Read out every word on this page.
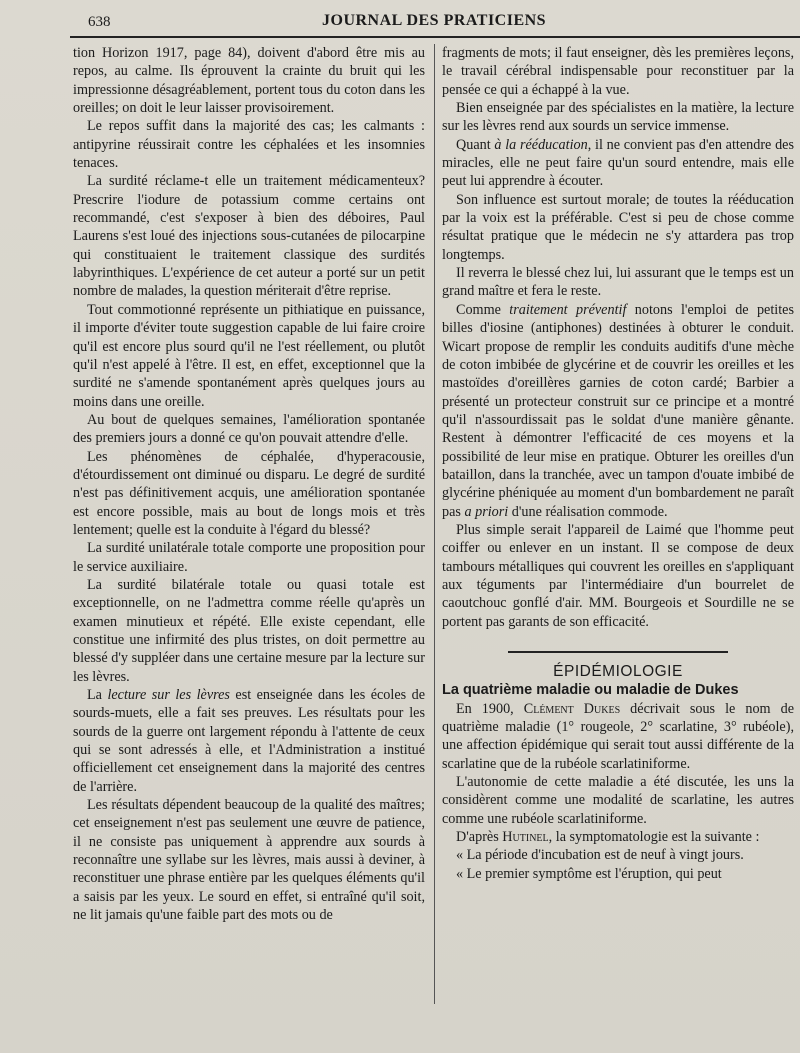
638	JOURNAL DES PRATICIENS

tion Horizon 1917, page 84), doivent d'abord être mis au repos, au calme. Ils éprouvent la crainte du bruit qui les impressionne désagréablement, portent tous du coton dans les oreilles; on doit le leur laisser provisoirement.

Le repos suffit dans la majorité des cas; les calmants : antipyrine réussirait contre les céphalées et les insomnies tenaces.

La surdité réclame-t elle un traitement médicamenteux? Prescrire l'iodure de potassium comme certains ont recommandé, c'est s'exposer à bien des déboires, Paul Laurens s'est loué des injections sous-cutanées de pilocarpine qui constituaient le traitement classique des surdités labyrinthiques. L'expérience de cet auteur a porté sur un petit nombre de malades, la question mériterait d'être reprise.

Tout commotionné représente un pithiatique en puissance, il importe d'éviter toute suggestion capable de lui faire croire qu'il est encore plus sourd qu'il ne l'est réellement, ou plutôt qu'il n'est appelé à l'être. Il est, en effet, exceptionnel que la surdité ne s'amende spontanément après quelques jours au moins dans une oreille.

Au bout de quelques semaines, l'amélioration spontanée des premiers jours a donné ce qu'on pouvait attendre d'elle.

Les phénomènes de céphalée, d'hyperacousie, d'étourdissement ont diminué ou disparu. Le degré de surdité n'est pas définitivement acquis, une amélioration spontanée est encore possible, mais au bout de longs mois et très lentement; quelle est la conduite à l'égard du blessé?

La surdité unilatérale totale comporte une proposition pour le service auxiliaire.

La surdité bilatérale totale ou quasi totale est exceptionnelle, on ne l'admettra comme réelle qu'après un examen minutieux et répété. Elle existe cependant, elle constitue une infirmité des plus tristes, on doit permettre au blessé d'y suppléer dans une certaine mesure par la lecture sur les lèvres.

La lecture sur les lèvres est enseignée dans les écoles de sourds-muets, elle a fait ses preuves. Les résultats pour les sourds de la guerre ont largement répondu à l'attente de ceux qui se sont adressés à elle, et l'Administration a institué officiellement cet enseignement dans la majorité des centres de l'arrière.

Les résultats dépendent beaucoup de la qualité des maîtres; cet enseignement n'est pas seulement une œuvre de patience, il ne consiste pas uniquement à apprendre aux sourds à reconnaître une syllabe sur les lèvres, mais aussi à deviner, à reconstituer une phrase entière par les quelques éléments qu'il a saisis par les yeux. Le sourd en effet, si entraîné qu'il soit, ne lit jamais qu'une faible part des mots ou de

fragments de mots; il faut enseigner, dès les premières leçons, le travail cérébral indispensable pour reconstituer par la pensée ce qui a échappé à la vue.

Bien enseignée par des spécialistes en la matière, la lecture sur les lèvres rend aux sourds un service immense.

Quant à la rééducation, il ne convient pas d'en attendre des miracles, elle ne peut faire qu'un sourd entendre, mais elle peut lui apprendre à écouter.

Son influence est surtout morale; de toutes la rééducation par la voix est la préférable. C'est si peu de chose comme résultat pratique que le médecin ne s'y attardera pas trop longtemps.

Il reverra le blessé chez lui, lui assurant que le temps est un grand maître et fera le reste.

Comme traitement préventif notons l'emploi de petites billes d'iosine (antiphones) destinées à obturer le conduit. Wicart propose de remplir les conduits auditifs d'une mèche de coton imbibée de glycérine et de couvrir les oreilles et les mastoïdes d'oreillères garnies de coton cardé; Barbier a présenté un protecteur construit sur ce principe et a montré qu'il n'assourdissait pas le soldat d'une manière gênante. Restent à démontrer l'efficacité de ces moyens et la possibilité de leur mise en pratique. Obturer les oreilles d'un bataillon, dans la tranchée, avec un tampon d'ouate imbibé de glycérine phéniquée au moment d'un bombardement ne paraît pas a priori d'une réalisation commode.

Plus simple serait l'appareil de Laimé que l'homme peut coiffer ou enlever en un instant. Il se compose de deux tambours métalliques qui couvrent les oreilles en s'appliquant aux téguments par l'intermédiaire d'un bourrelet de caoutchouc gonflé d'air. MM. Bourgeois et Sourdille ne se portent pas garants de son efficacité.

ÉPIDÉMIOLOGIE

La quatrième maladie ou maladie de Dukes

En 1900, Clément Dukes décrivait sous le nom de quatrième maladie (1° rougeole, 2° scarlatine, 3° rubéole), une affection épidémique qui serait tout aussi différente de la scarlatine que de la rubéole scarlatiniforme.

L'autonomie de cette maladie a été discutée, les uns la considèrent comme une modalité de scarlatine, les autres comme une rubéole scarlatiniforme.

D'après Hutinel, la symptomatologie est la suivante :

« La période d'incubation est de neuf à vingt jours.

« Le premier symptôme est l'éruption, qui peut
